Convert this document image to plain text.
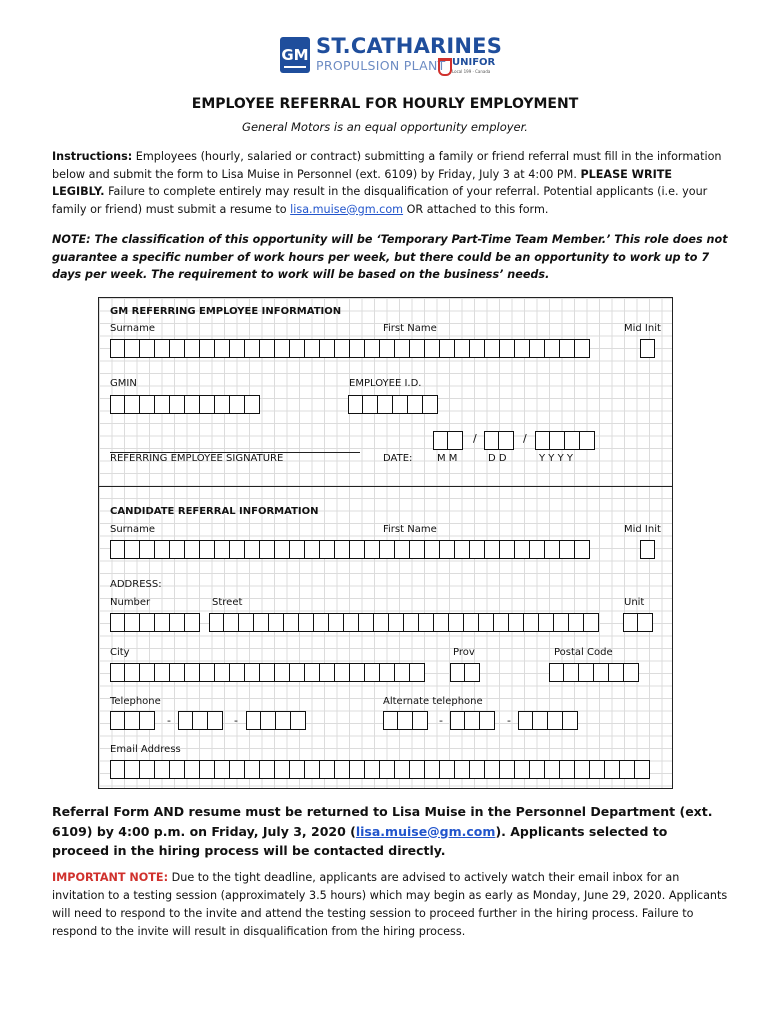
GM ST.CATHARINES
PROPULSION PLANT UNIFOR
Local 199 · Canada
EMPLOYEE REFERRAL FOR HOURLY EMPLOYMENT
General Motors is an equal opportunity employer.
Instructions: Employees (hourly, salaried or contract) submitting a family or friend referral must fill in the information below and submit the form to Lisa Muise in Personnel (ext. 6109) by Friday, July 3 at 4:00 PM. PLEASE WRITE LEGIBLY. Failure to complete entirely may result in the disqualification of your referral. Potential applicants (i.e. your family or friend) must submit a resume to lisa.muise@gm.com OR attached to this form.
NOTE: The classification of this opportunity will be ‘Temporary Part-Time Team Member.’ This role does not guarantee a specific number of work hours per week, but there could be an opportunity to work up to 7 days per week. The requirement to work will be based on the business’ needs.
GM REFERRING EMPLOYEE INFORMATION
Surname	First Name	Mid Init
GMIN	EMPLOYEE I.D.
REFERRING EMPLOYEE SIGNATURE	DATE:
/	/
M M	D D	Y Y Y Y
CANDIDATE REFERRAL INFORMATION
Surname	First Name	Mid Init
ADDRESS:
Number	Street	Unit
City	Prov	Postal Code
Telephone	Alternate telephone
-	-	-	-
Email Address
Referral Form AND resume must be returned to Lisa Muise in the Personnel Department (ext. 6109) by 4:00 p.m. on Friday, July 3, 2020 (lisa.muise@gm.com). Applicants selected to proceed in the hiring process will be contacted directly.
IMPORTANT NOTE: Due to the tight deadline, applicants are advised to actively watch their email inbox for an invitation to a testing session (approximately 3.5 hours) which may begin as early as Monday, June 29, 2020. Applicants will need to respond to the invite and attend the testing session to proceed further in the hiring process. Failure to respond to the invite will result in disqualification from the hiring process.
